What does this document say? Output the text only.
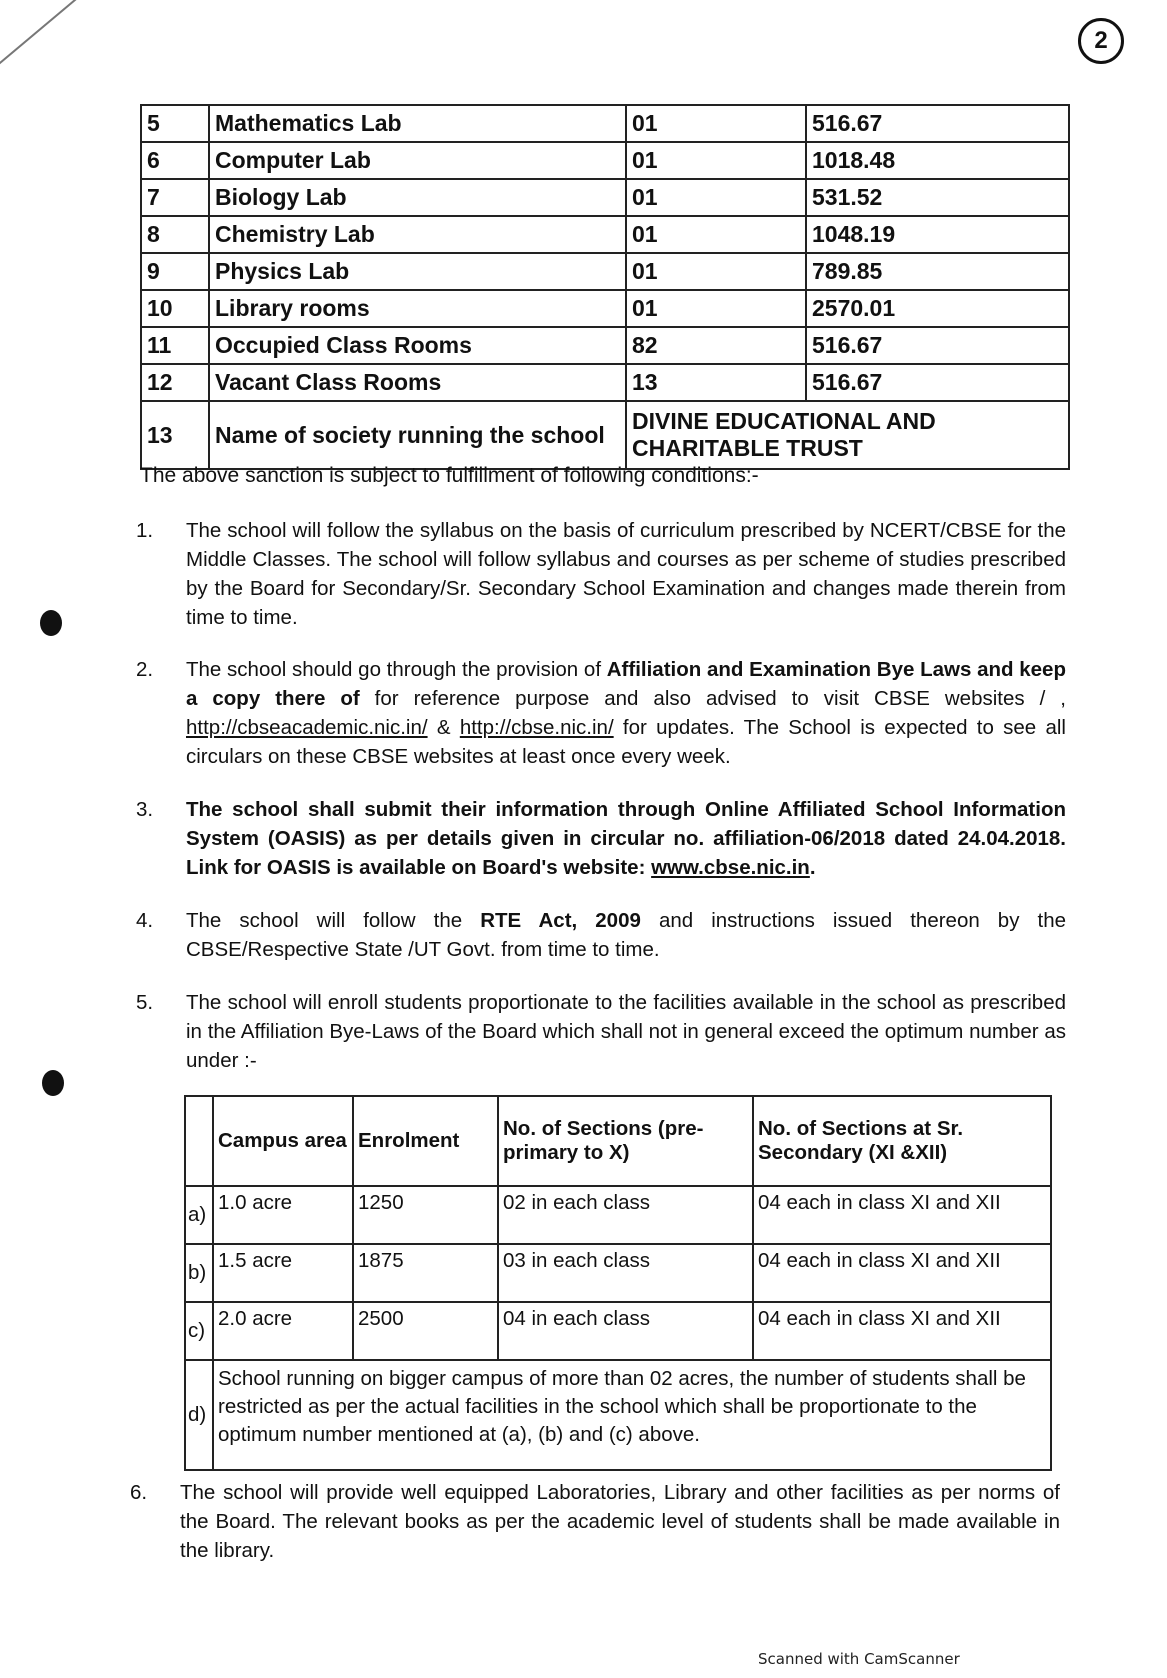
2
5	Mathematics Lab	01	516.67
6	Computer Lab	01	1018.48
7	Biology Lab	01	531.52
8	Chemistry Lab	01	1048.19
9	Physics Lab	01	789.85
10	Library rooms	01	2570.01
11	Occupied Class Rooms	82	516.67
12	Vacant Class Rooms	13	516.67
13	Name of society running the school	DIVINE EDUCATIONAL AND CHARITABLE TRUST	
The above sanction is subject to fulfillment of following conditions:-
1.	The school will follow the syllabus on the basis of curriculum prescribed by NCERT/CBSE for the Middle Classes. The school will follow syllabus and courses as per scheme of studies prescribed by the Board for Secondary/Sr. Secondary School Examination and changes made therein from time to time.
2.	The school should go through the provision of Affiliation and Examination Bye Laws and keep a copy there of for reference purpose and also advised to visit CBSE websites / , http://cbseacademic.nic.in/ & http://cbse.nic.in/ for updates. The School is expected to see all circulars on these CBSE websites at least once every week.
3.	The school shall submit their information through Online Affiliated School Information System (OASIS) as per details given in circular no. affiliation-06/2018 dated 24.04.2018. Link for OASIS is available on Board's website: www.cbse.nic.in.
4.	The school will follow the RTE Act, 2009 and instructions issued thereon by the CBSE/Respective State /UT Govt. from time to time.
5.	The school will enroll students proportionate to the facilities available in the school as prescribed in the Affiliation Bye-Laws of the Board which shall not in general exceed the optimum number as under :-
	Campus area	Enrolment	No. of Sections (pre-primary to X)	No. of Sections at Sr. Secondary (XI &XII)
a)	1.0 acre	1250	02 in each class	04 each in class XI and XII
b)	1.5 acre	1875	03 in each class	04 each in class XI and XII
c)	2.0 acre	2500	04 in each class	04 each in class XI and XII
d)	School running on bigger campus of more than 02 acres, the number of students shall be restricted as per the actual facilities in the school which shall be proportionate to the optimum number mentioned at (a), (b) and (c) above.			
6.	The school will provide well equipped Laboratories, Library and other facilities as per norms of the Board. The relevant books as per the academic level of students shall be made available in the library.
Scanned with CamScanner
